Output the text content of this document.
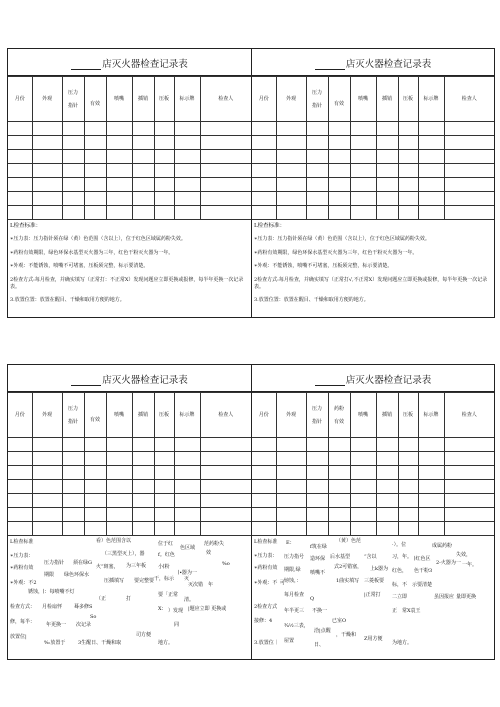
店灭火器检查记录表
月份	外观	压力
指针	有效	喷嘴	插销	压板	标示牌	检查人

L检查标准：
∗压力表：压力指针须在绿（黄）色范围（含以上），位于红色区域属药粉失效。
∗药粉有效期限，绿色环保水基型灭火器为三年，红色干粉灭火器为一年。
∗外观：不能锈蚀，喷嘴不可堵塞，压板须完整，标示要清楚。
2检查方式:每月检查，并确实填写（正常打：不正常X）发现问题应立即更换或报修，每半年更换一次记录表。
3.放置位置：放置在醒目、干燥和取用方便的地方。
店灭火器检查记录表
月份	外观	压力
指针	有效	喷嘴	插销	压板	标示牌	检查人

L检查标准：
∗压力表：压力指针须在绿（黄）色范围（含以上），位于红色区域属药粉失效。
∗药粉有效期限，绿色环保水基型灭火器为三年，红色干粉灭火器为一年。
∗外观：不能锈蚀，喷嘴不可堵塞，压板须完整，标示要清楚。
2检查方式:每月检查，并确实填写（正常打√,不正常X）发现问题应立即更换或报修，每半年更换一次记录表。
3.放置位置：放置在醒目、干燥和取用方便的地方。
店灭火器检查记录表
月份	外观	压力
指针	有效	喷嘴	插销	压板	标示牌	检查人

L检查标准	看）色范围含以	位于红
色区域
范药粉失
∗压力表：	（三黑型灭上），器	f。红色	效
∗药粉有效
压力指针 须在绿G
火”斑塞， 为三年板 小∣粉
∣∙器为一
%o
期限 绿色环保水
∗外观：不2	压插填写 要完整要 干，标示 灭
灭次错 年
锈蚀，∣：每喷嘴不灯
（正	打
要「正常
清。
检查方式： 月检扇怦 蓦多修S	X： ）发现 |题应立即 更换或
修，每半： 年更换一 次记录
So
同
放置位|
%:放置于	3生醒日、干燥和取
司方便
地方。
店灭火器检查记录表
月份	外观	压力
指针	药粉
有效	喷嘴	插销	压板	标示牌	检查人

L检查标准 E：
f筑在绿
（黄）色范
·）。位	成属药粉
失效，
∗压力表：	后水基型	“含以	习，年。 ∣红色区
2-火器为一 一年。
∗药粉有效
压力指号 造环保
式2可错塞， 上k器为 红色， 色干粉3
期限,绿
镑蚀，：
喷嘴不
1曲实填写 三菱板要
标，不 示要清楚
虽因报应 量即更换
∗外观：不 可
二立即
|正常打
2检查方式
每月检查
年半更三 不换一
Q
已室O
正 常X袁王
接修：4
¾½三表，
洽|点醒
3.放置位｜ 屋置
日、
，干燥和
Z用方便
为地方。
